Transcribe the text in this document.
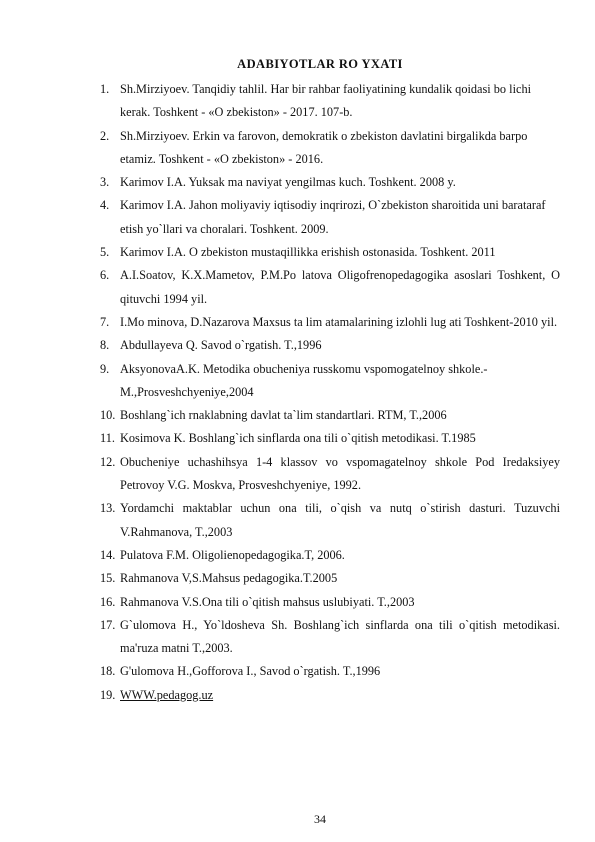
ADABIYOTLAR RO YXATI
1. Sh.Mirziyoev. Tanqidiy tahlil. Har bir rahbar faoliyatining kundalik qoidasi bo lichi kerak. Toshkent - «O zbekiston» - 2017. 107-b.
2. Sh.Mirziyoev. Erkin va farovon, demokratik o zbekiston davlatini birgalikda barpo etamiz. Toshkent - «O zbekiston» - 2016.
3. Karimov I.A. Yuksak ma naviyat yengilmas kuch. Toshkent. 2008 y.
4. Karimov I.A. Jahon moliyaviy iqtisodiy inqrirozi, O`zbekiston sharoitida uni barataraf etish yo`llari va choralari. Toshkent. 2009.
5. Karimov I.A. O zbekiston mustaqillikka erishish ostonasida. Toshkent. 2011
6. A.I.Soatov, K.X.Mametov, P.M.Po latova Oligofrenopedagogika asoslari Toshkent, O qituvchi 1994 yil.
7. I.Mo minova, D.Nazarova Maxsus ta lim atamalarining izlohli lug ati Toshkent-2010 yil.
8. Abdullayeva Q. Savod o`rgatish. T.,1996
9. AksyonovaA.K. Metodika obucheniya russkomu vspomogatelnoy shkole.- M.,Prosveshchyeniye,2004
10. Boshlang`ich rnaklabning davlat ta`lim standartlari. RTM, T.,2006
11. Kosimova K. Boshlang`ich sinflarda ona tili o`qitish metodikasi. T.1985
12. Obucheniye uchashihsya 1-4 klassov vo vspomagatelnoy shkole Pod Iredaksiyey Petrovoy V.G. Moskva, Prosveshchyeniye, 1992.
13. Yordamchi maktablar uchun ona tili, o`qish va nutq o`stirish dasturi. Tuzuvchi V.Rahmanova, T.,2003
14. Pulatova F.M. Oligolienopedagogika.T, 2006.
15. Rahmanova V,S.Mahsus pedagogika.T.2005
16. Rahmanova V.S.Ona tili o`qitish mahsus uslubiyati. T.,2003
17. G`ulomova H., Yo`ldosheva Sh. Boshlang`ich sinflarda ona tili o`qitish metodikasi. ma'ruza matni T.,2003.
18. G'ulomova H.,Gofforova I., Savod o`rgatish. T.,1996
19. WWW.pedagog.uz
34
